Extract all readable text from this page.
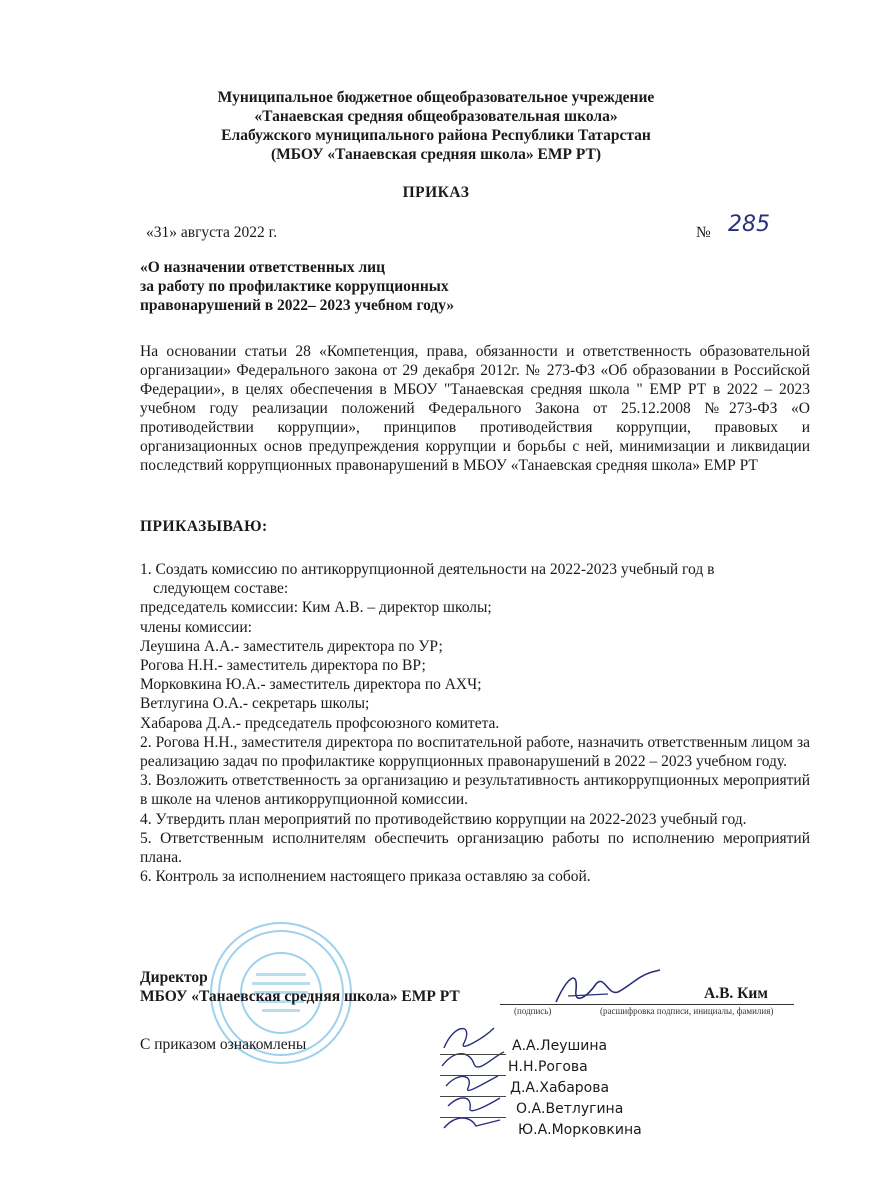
Муниципальное бюджетное общеобразовательное учреждение
«Танаевская средняя общеобразовательная школа»
Елабужского муниципального района Республики Татарстан
(МБОУ «Танаевская средняя школа» ЕМР РТ)
ПРИКАЗ
«31» августа 2022 г.	№ 285
«О назначении ответственных лиц
за работу по профилактике коррупционных
правонарушений в 2022– 2023 учебном году»
На основании статьи 28 «Компетенция, права, обязанности и ответственность образовательной организации» Федерального закона от 29 декабря 2012г. № 273-ФЗ «Об образовании в Российской Федерации», в целях обеспечения в МБОУ "Танаевская средняя школа " ЕМР РТ в 2022 – 2023 учебном году реализации положений Федерального Закона от 25.12.2008 №273-ФЗ «О противодействии коррупции», принципов противодействия коррупции, правовых и организационных основ предупреждения коррупции и борьбы с ней, минимизации и ликвидации последствий коррупционных правонарушений в МБОУ «Танаевская средняя школа» ЕМР РТ
ПРИКАЗЫВАЮ:
1. Создать комиссию по антикоррупционной деятельности на 2022-2023 учебный год в
следующем составе:
председатель комиссии: Ким А.В. – директор школы;
члены комиссии:
Леушина А.А.- заместитель директора по УР;
Рогова Н.Н.- заместитель директора по ВР;
Морковкина Ю.А.- заместитель директора по АХЧ;
Ветлугина О.А.- секретарь школы;
Хабарова Д.А.- председатель профсоюзного комитета.
2. Рогова Н.Н., заместителя директора по воспитательной работе, назначить ответственным лицом за реализацию задач по профилактике коррупционных правонарушений в 2022 – 2023 учебном году.
3. Возложить ответственность за организацию и результативность антикоррупционных мероприятий в школе на членов антикоррупционной комиссии.
4. Утвердить план мероприятий по противодействию коррупции на 2022-2023 учебный год.
5. Ответственным исполнителям обеспечить организацию работы по исполнению мероприятий плана.
6. Контроль за исполнением настоящего приказа оставляю за собой.
Директор
МБОУ «Танаевская средняя школа» ЕМР РТ	А.В. Ким
(подпись)	(расшифровка подписи, инициалы, фамилия)
С приказом ознакомлены	А.А.Леушина
Н.Н.Рогова
Д.А.Хабарова
О.А.Ветлугина
Ю.А.Морковкина
